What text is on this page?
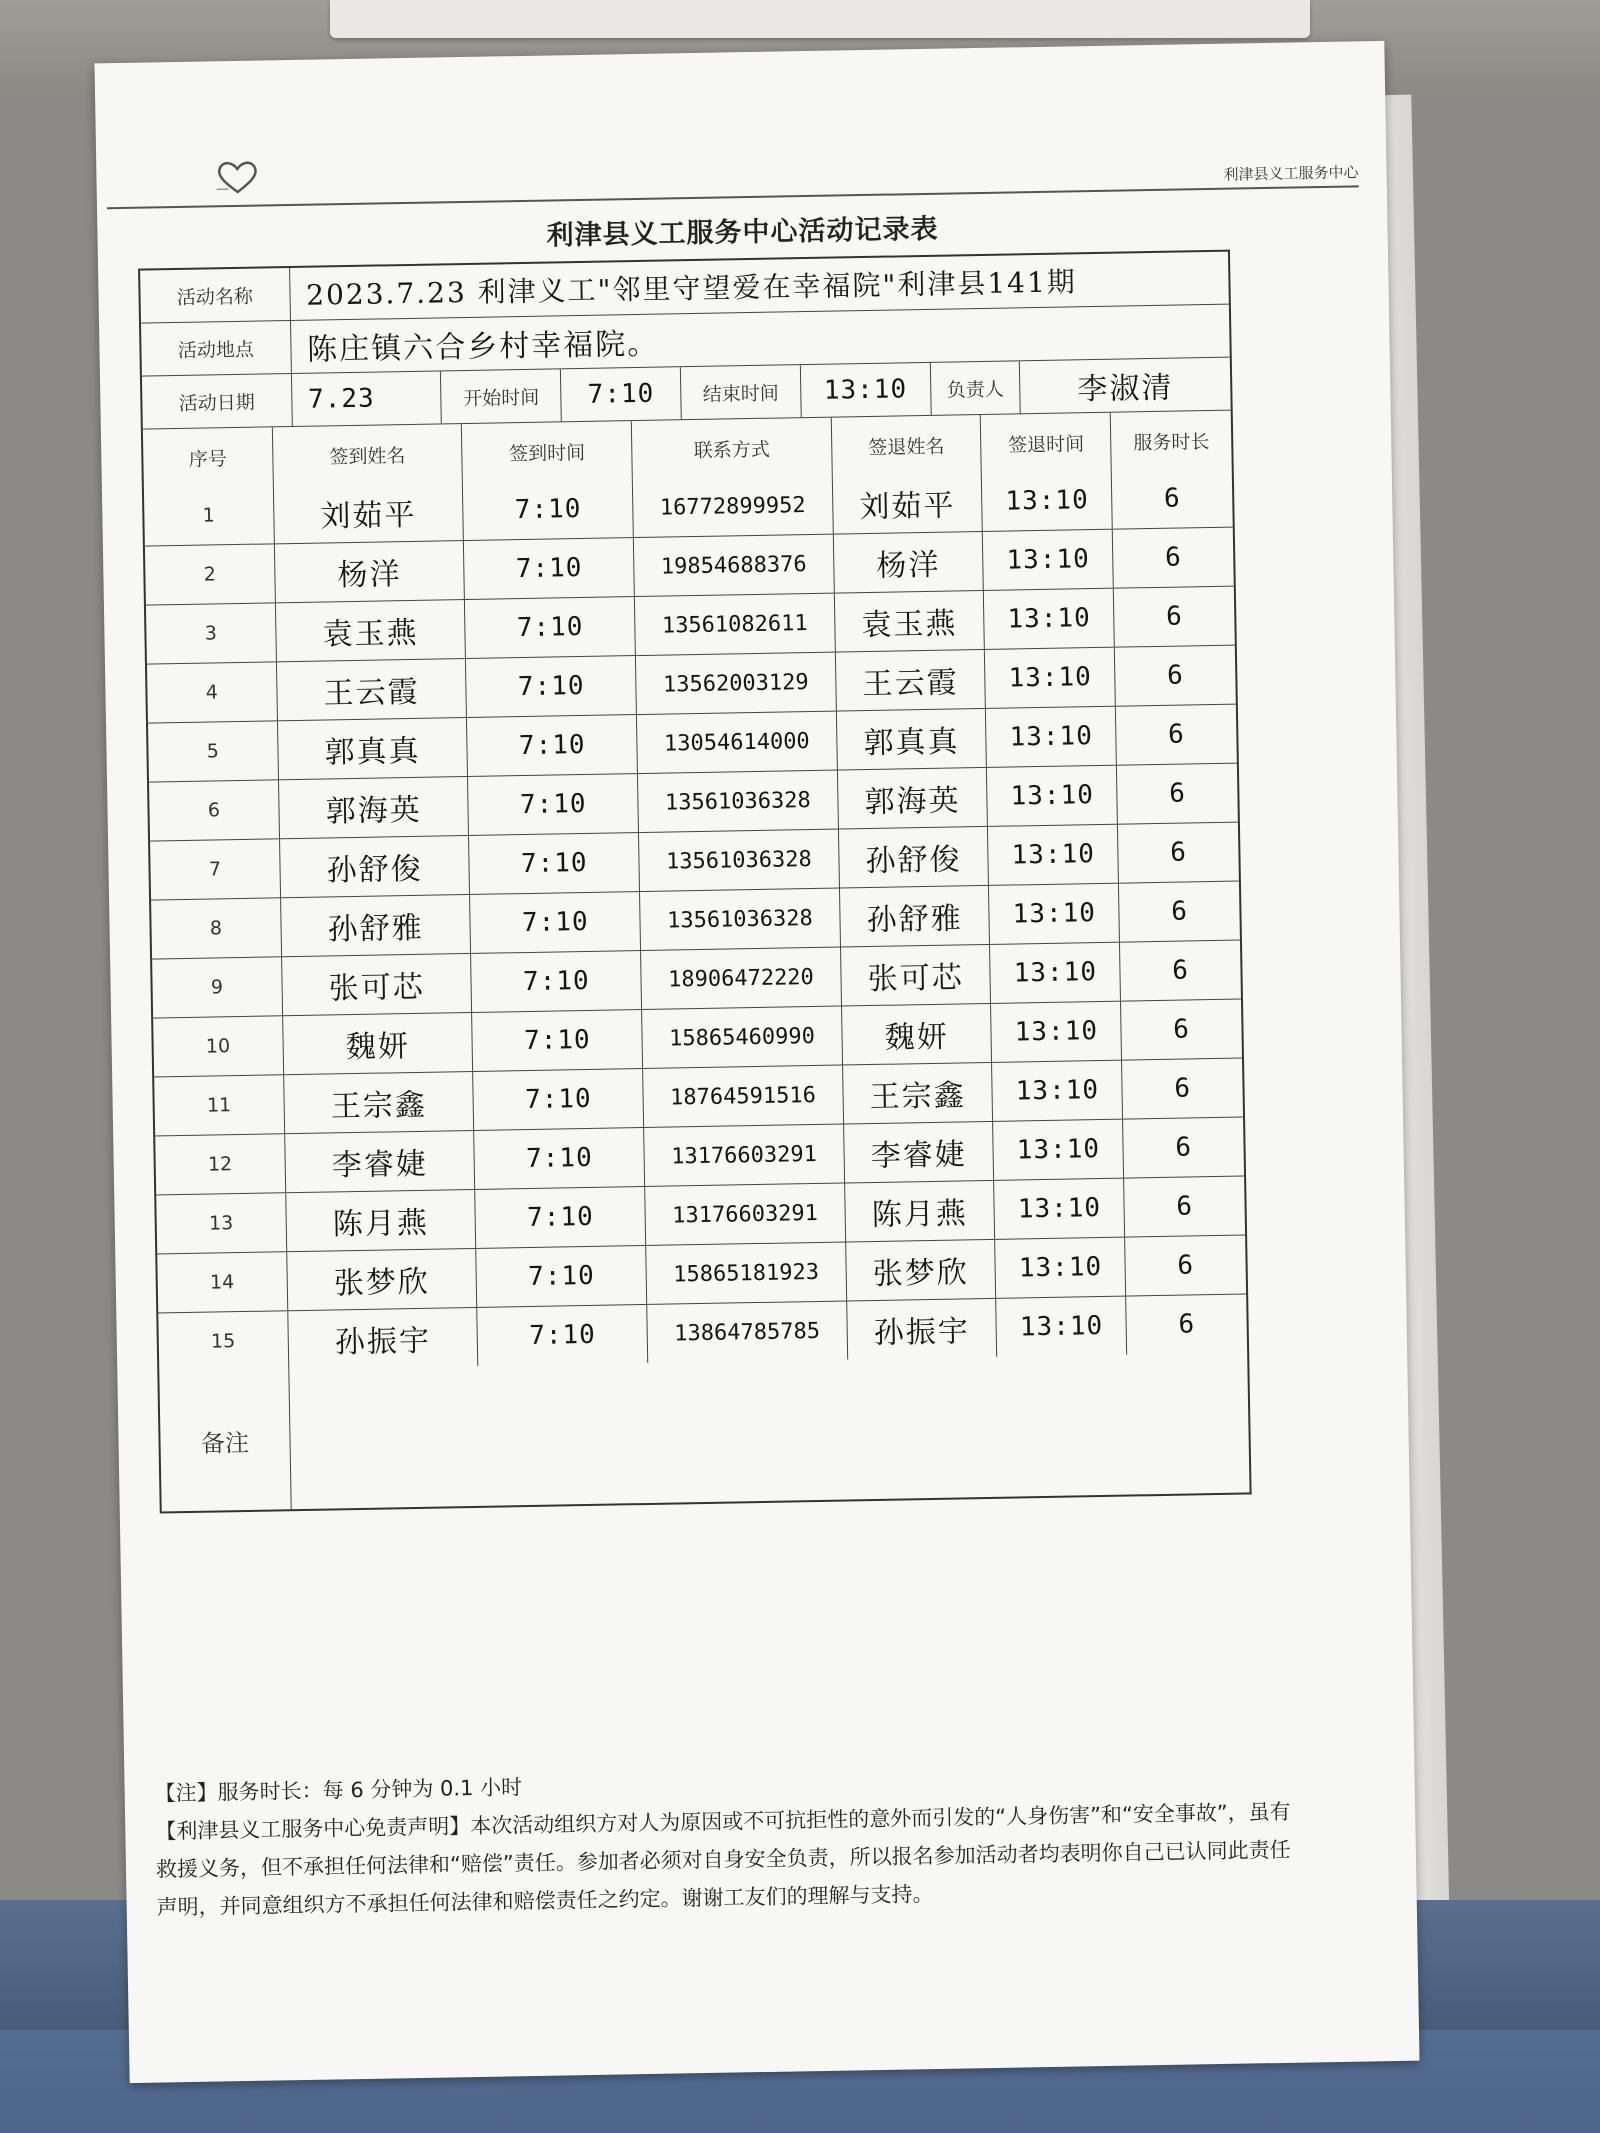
利津县义工服务中心
利津县义工服务中心活动记录表
活动名称	2023.7.23 利津义工"邻里守望爱在幸福院"利津县141期
活动地点	陈庄镇六合乡村幸福院。
活动日期	7.23	开始时间	7:10	结束时间	13:10	负责人	李淑清
序号	签到姓名	签到时间	联系方式	签退姓名	签退时间	服务时长
1	刘茹平	7:10	16772899952	刘茹平	13:10	6
2	杨洋	7:10	19854688376	杨洋	13:10	6
3	袁玉燕	7:10	13561082611	袁玉燕	13:10	6
4	王云霞	7:10	13562003129	王云霞	13:10	6
5	郭真真	7:10	13054614000	郭真真	13:10	6
6	郭海英	7:10	13561036328	郭海英	13:10	6
7	孙舒俊	7:10	13561036328	孙舒俊	13:10	6
8	孙舒雅	7:10	13561036328	孙舒雅	13:10	6
9	张可芯	7:10	18906472220	张可芯	13:10	6
10	魏妍	7:10	15865460990	魏妍	13:10	6
11	王宗鑫	7:10	18764591516	王宗鑫	13:10	6
12	李睿婕	7:10	13176603291	李睿婕	13:10	6
13	陈月燕	7:10	13176603291	陈月燕	13:10	6
14	张梦欣	7:10	15865181923	张梦欣	13:10	6
15	孙振宇	7:10	13864785785	孙振宇	13:10	6
备注

【注】服务时长：每 6 分钟为 0.1 小时

【利津县义工服务中心免责声明】本次活动组织方对人为原因或不可抗拒性的意外而引发的“人身伤害”和“安全事故”，虽有救援义务，但不承担任何法律和“赔偿”责任。参加者必须对自身安全负责，所以报名参加活动者均表明你自己已认同此责任声明，并同意组织方不承担任何法律和赔偿责任之约定。谢谢工友们的理解与支持。
